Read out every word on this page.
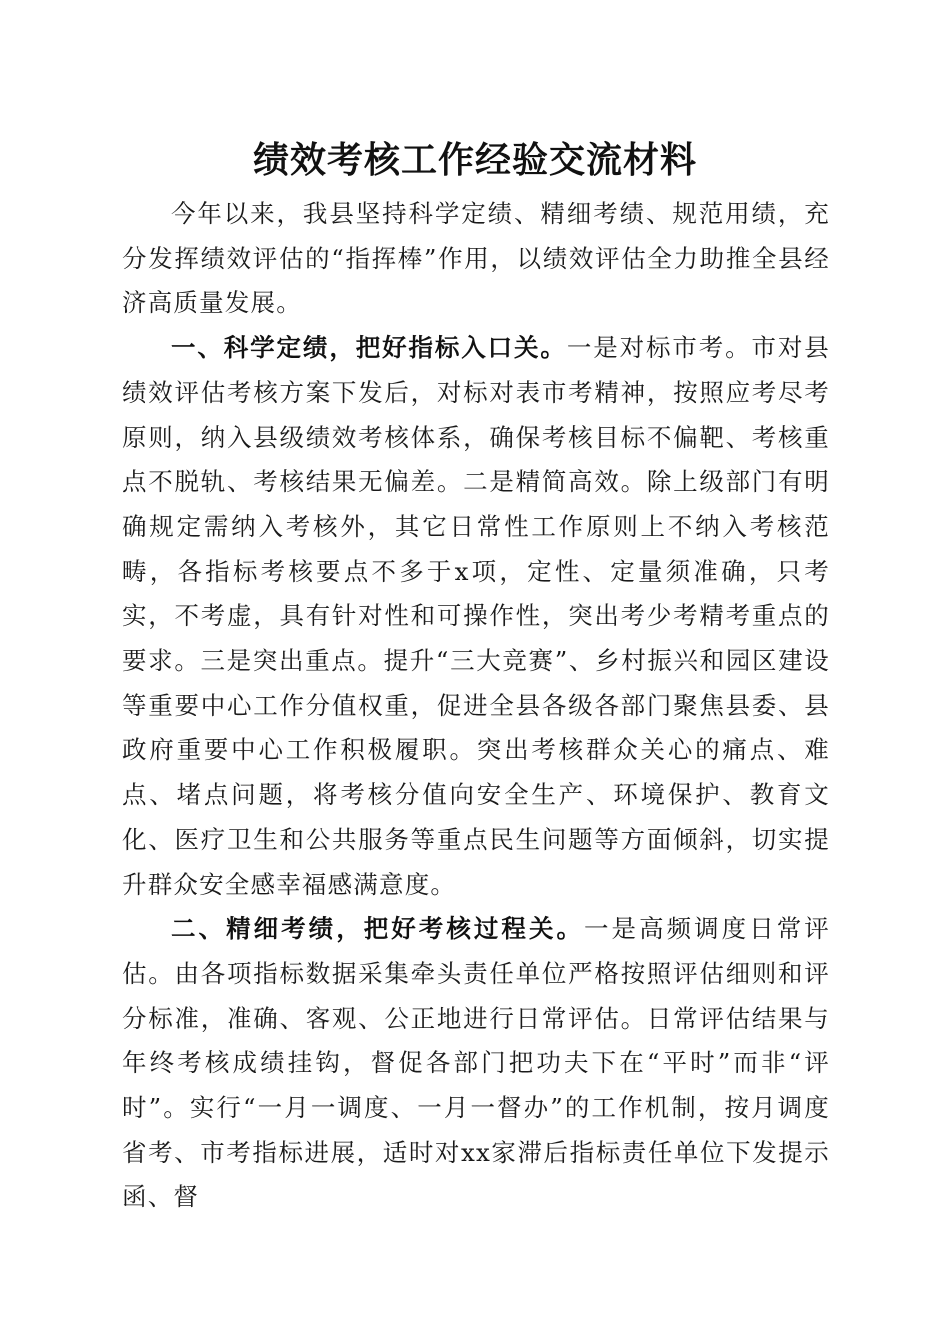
绩效考核工作经验交流材料

今年以来，我县坚持科学定绩、精细考绩、规范用绩，充分发挥绩效评估的“指挥棒”作用，以绩效评估全力助推全县经济高质量发展。

一、科学定绩，把好指标入口关。一是对标市考。市对县绩效评估考核方案下发后，对标对表市考精神，按照应考尽考原则，纳入县级绩效考核体系，确保考核目标不偏靶、考核重点不脱轨、考核结果无偏差。二是精简高效。除上级部门有明确规定需纳入考核外，其它日常性工作原则上不纳入考核范畴，各指标考核要点不多于x项，定性、定量须准确，只考实，不考虚，具有针对性和可操作性，突出考少考精考重点的要求。三是突出重点。提升“三大竞赛”、乡村振兴和园区建设等重要中心工作分值权重，促进全县各级各部门聚焦县委、县政府重要中心工作积极履职。突出考核群众关心的痛点、难点、堵点问题，将考核分值向安全生产、环境保护、教育文化、医疗卫生和公共服务等重点民生问题等方面倾斜，切实提升群众安全感幸福感满意度。

二、精细考绩，把好考核过程关。一是高频调度日常评估。由各项指标数据采集牵头责任单位严格按照评估细则和评分标准，准确、客观、公正地进行日常评估。日常评估结果与年终考核成绩挂钩，督促各部门把功夫下在“平时”而非“评时”。实行“一月一调度、一月一督办”的工作机制，按月调度省考、市考指标进展，适时对xx家滞后指标责任单位下发提示函、督
